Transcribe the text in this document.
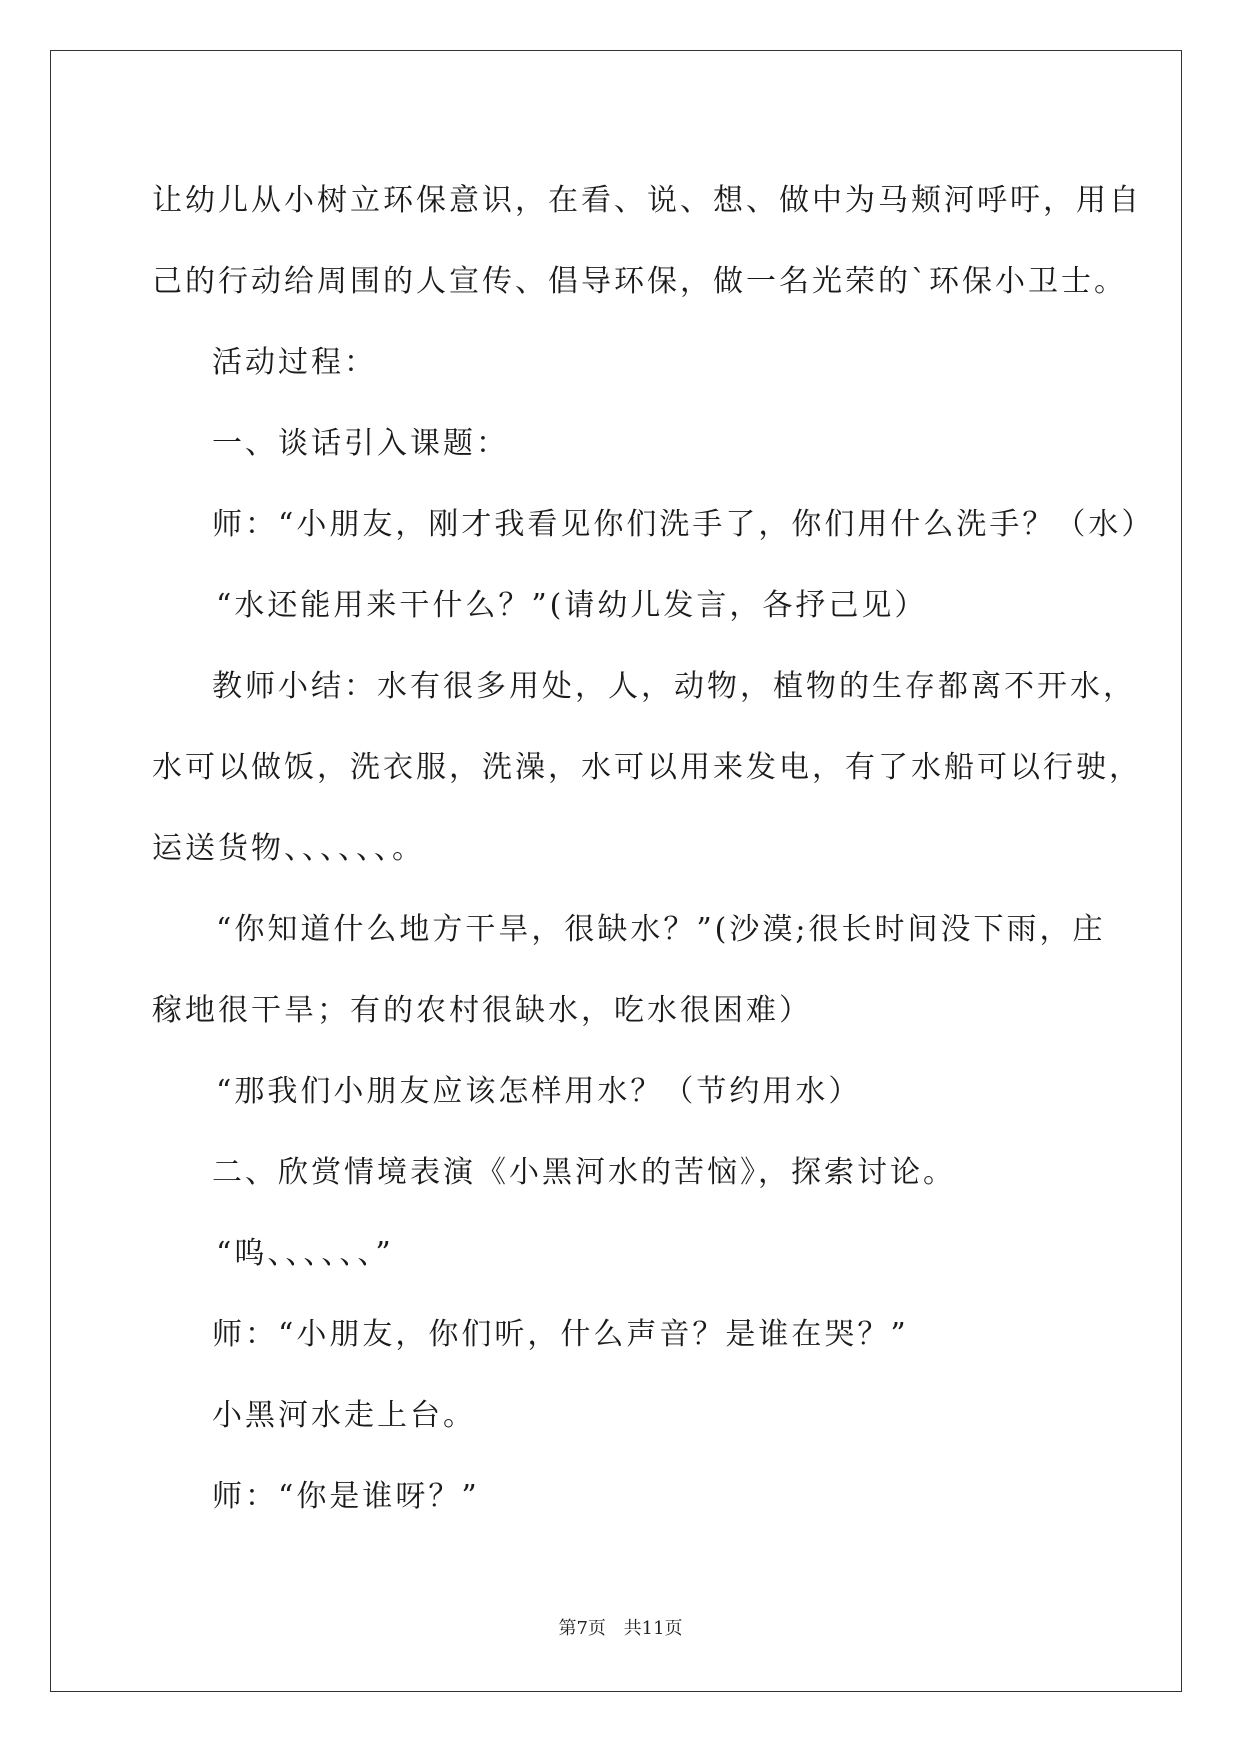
让幼儿从小树立环保意识，在看、说、想、做中为马颊河呼吁，用自

己的行动给周围的人宣传、倡导环保，做一名光荣的`环保小卫士。

活动过程：

一、谈话引入课题：

师：“小朋友，刚才我看见你们洗手了，你们用什么洗手？（水）

“水还能用来干什么？”(请幼儿发言，各抒己见）

教师小结：水有很多用处，人，动物，植物的生存都离不开水，

水可以做饭，洗衣服，洗澡，水可以用来发电，有了水船可以行驶，

运送货物、、、、、、。

“你知道什么地方干旱，很缺水？”(沙漠;很长时间没下雨，庄

稼地很干旱；有的农村很缺水，吃水很困难）

“那我们小朋友应该怎样用水？（节约用水）

二、欣赏情境表演《小黑河水的苦恼》，探索讨论。

“呜、、、、、、”

师：“小朋友，你们听，什么声音？是谁在哭？”

小黑河水走上台。

师：“你是谁呀？”

第7页 共11页
